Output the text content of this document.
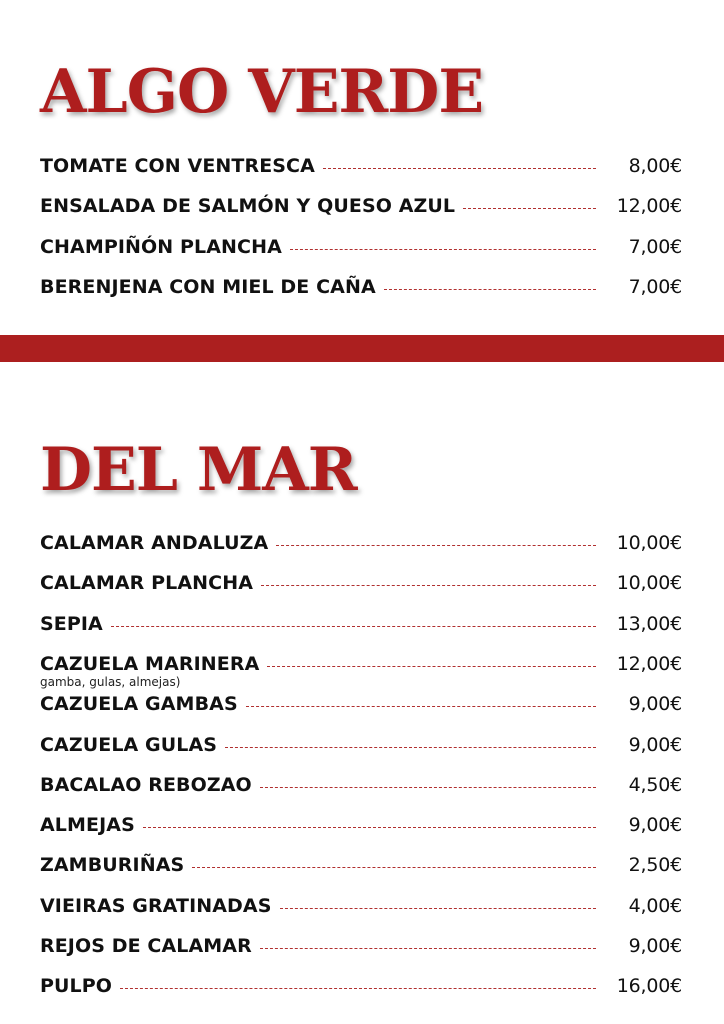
ALGO VERDE
TOMATE CON VENTRESCA	8,00€
ENSALADA DE SALMÓN Y QUESO AZUL	12,00€
CHAMPIÑÓN PLANCHA	7,00€
BERENJENA CON MIEL DE CAÑA	7,00€
DEL MAR
CALAMAR ANDALUZA	10,00€
CALAMAR PLANCHA	10,00€
SEPIA	13,00€
CAZUELA MARINERA	12,00€
gamba, gulas, almejas)
CAZUELA GAMBAS	9,00€
CAZUELA GULAS	9,00€
BACALAO REBOZAO	4,50€
ALMEJAS	9,00€
ZAMBURIÑAS	2,50€
VIEIRAS GRATINADAS	4,00€
REJOS DE CALAMAR	9,00€
PULPO	16,00€
